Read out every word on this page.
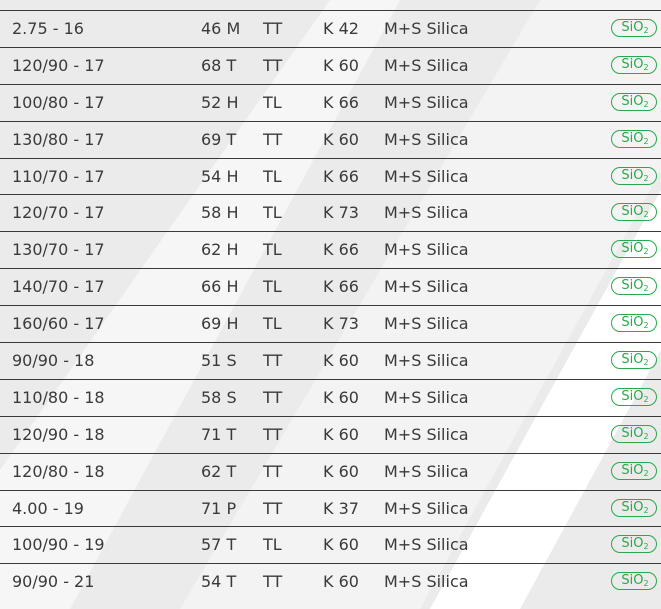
2.75 - 16	46 M TT	K 42 M+S Silica	SiO$_2$
120/90 - 17	68 T TT	K 60 M+S Silica	SiO$_2$
100/80 - 17	52 H TL	K 66 M+S Silica	SiO$_2$
130/80 - 17	69 T TT	K 60 M+S Silica	SiO$_2$
110/70 - 17	54 H TL	K 66 M+S Silica	SiO$_2$
120/70 - 17	58 H TL	K 73 M+S Silica	SiO$_2$
130/70 - 17	62 H TL	K 66 M+S Silica	SiO$_2$
140/70 - 17	66 H TL	K 66 M+S Silica	SiO$_2$
160/60 - 17	69 H TL	K 73 M+S Silica	SiO$_2$
90/90 - 18	51 S TT	K 60 M+S Silica	SiO$_2$
110/80 - 18	58 S TT	K 60 M+S Silica	SiO$_2$
120/90 - 18	71 T TT	K 60 M+S Silica	SiO$_2$
120/80 - 18	62 T TT	K 60 M+S Silica	SiO$_2$
4.00 - 19	71 P TT	K 37 M+S Silica	SiO$_2$
100/90 - 19	57 T TL	K 60 M+S Silica	SiO$_2$
90/90 - 21	54 T TT	K 60 M+S Silica	SiO$_2$
